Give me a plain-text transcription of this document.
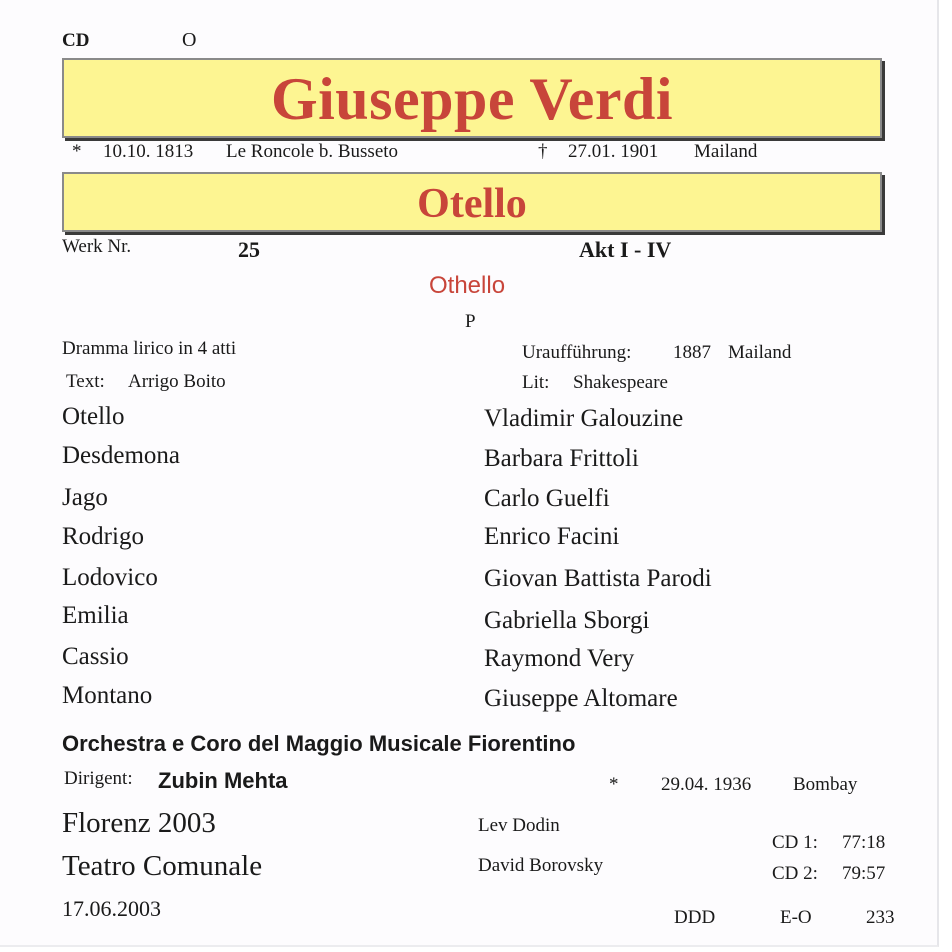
CD	O
Giuseppe Verdi
* 10.10. 1813 Le Roncole b. Busseto	† 27.01. 1901 Mailand
Otello
Werk Nr.	25	Akt I - IV
Othello
P
Dramma lirico in 4 atti	Uraufführung: 1887 Mailand
Text: Arrigo Boito	Lit: Shakespeare
Otello	Vladimir Galouzine
Desdemona	Barbara Frittoli
Jago	Carlo Guelfi
Rodrigo	Enrico Facini
Lodovico	Giovan Battista Parodi
Emilia	Gabriella Sborgi
Cassio	Raymond Very
Montano	Giuseppe Altomare
Orchestra e Coro del Maggio Musicale Fiorentino
Dirigent: Zubin Mehta	* 29.04. 1936 Bombay
Florenz 2003
Teatro Comunale
17.06.2003
Lev Dodin
David Borovsky
CD 1: 77:18
CD 2: 79:57
DDD	E-O	233
